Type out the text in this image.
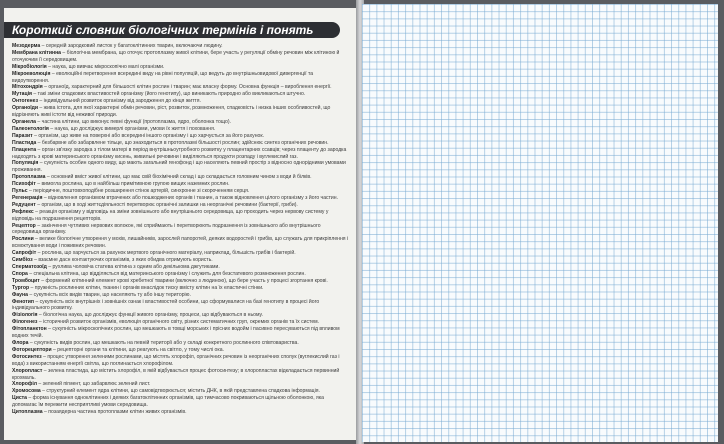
Короткий словник біологічних термінів і понять

Мезодерма – середній зародковий листок у багатоклітинних тварин, включаючи людину.

Мембрана клітинна – біологічна мембрана, що оточує протоплазму живої клітини, бере участь у регуляції обміну речовин між клітиною й оточуючим її середовищем.

Мікробіологія – наука, що вивчає мікроскопічно малі організми.

Мікроеволюція – еволюційні перетворення всередині виду на рівні популяцій, що ведуть до внутрішньовидової дивергенції та видоутворення.

Мітохондрія – органоїд, характерний для більшості клітин рослин і тварин; має власну форму. Основна функція – вироблення енергії.

Мутація – такі зміни спадкових властивостей організму (його генотипу), що виникають природно або викликаються штучно.

Онтогенез – індивідуальний розвиток організму від зародження до кінця життя.

Органоїди – жива істота, для якої характерні обмін речовин, ріст, розвиток, розмноження, спадковість і низка інших особливостей, що відрізняють живі істоти від неживої природи.

Органела – частина клітини, що виконує певні функції (протоплазма, ядро, оболонка тощо).

Палеонтологія – наука, що досліджує вимерлі організми, умови їх життя і поховання.

Паразит – організм, що живе на поверхні або всередині іншого організму і що харчується за його рахунок.

Пластида – безбарвне або забарвлене тільце, що знаходиться в протоплазмі більшості рослин; здійснює синтез органічних речовин.

Плацента – орган зв'язку зародка з тілом матері в період внутрішньоутробного розвитку у плацентарних ссавців; через плаценту до зародка надходять з крові материнського організму кисень, живильні речовини і виділяються продукти розпаду і вуглекислий газ.

Популяція – сукупність особин одного виду, що мають загальний генофонд і що населяють певний простір з відносно однорідними умовами проживання.

Протоплазма – основний вміст живої клітини, що має свій біохімічний склад і що складається головним чином з води й білків.

Психофіт – вимогла рослина, що в найбільш примітивною групою вищих наземних рослин.

Пульс – періодичне, поштовхоподібне розширення стінок артерій, синхронне зі скороченням серця.

Регенерація – відновлення організмом втрачених або пошкоджених органів і тканин, а також відновлення цілого організму з його частин.

Редуцент – організм, що в ході життєдіяльності перетворює органічні залишки на неорганічні речовини (бактерії, гриби).

Рефлекс – реакція організму у відповідь на зміни зовнішнього або внутрішнього середовища, що проходить через нервову систему у відповідь на подразнення рецепторів.

Рецептор – закінчення чутливих нервових волокон, які сприймають і перетворюють подразнення із зовнішнього або внутрішнього середовища організму.

Рослини – велике біологічне утворення у мохів, лишайників, зарослей папоротей, деяких водоростей і грибів, що служать для прикріплення і всмоктування води і поживних речовин.

Сапрофіт – рослина, що харчується за рахунок мертвого органічного матеріалу, наприклад, більшість грибів і бактерій.

Симбіоз – взаємне дасн контактуючих організмів, з яких обидва отримують користь.

Сперматозоїд – рухлива чоловіча статева клітина з одним або декількома джгутиками.

Спора – спеціальна клітина, що відділяється від материнського організму і служить для безстатевого розмноження рослин.

Тромбоцит – формений клітинний елемент крові хребетної тварини (включно з людиною), що бере участь у процесі згортання крові.

Тургор – пружність рослинних клітин, тканин і органів внаслідок тиску вмісту клітин на їх еластичні стінки.

Фауна – сукупність всіх видів тварин, що населяють ту або іншу територію.

Фенотип – сукупність всіх внутрішніх і зовнішніх ознак і властивостей особини, що сформувалися на базі генотипу в процесі його індивідуального розвитку.

Фізіологія – біологічна наука, що досліджує функції живого організму, процеси, що відбуваються в ньому.

Філогенез – історичний розвиток організмів, еволюція органічного світу, різних систематичних груп, окремих органів та їх систем.

Фітопланктон – сукупність мікроскопічних рослин, що мешкають в товщі морських і прісних водойм і пасивно пересуваються під впливом водних течій.

Флора – сукупність видів рослин, що мешкають на певній території або у складі конкретного рослинного співтовариства.

Фоторецептори – рецепторні органи та клітини, що реагують на світло, у тому числі ока.

Фотосинтез – процес утворення зеленими рослинами, що містять хлорофіл, органічних речовин із неорганічних сполук (вуглекислий газ і вода) з використанням енергії світла, що поглинається хлорофілом.

Хлоропласт – зелена пластида, що містить хлорофіл, в якій відбувається процес фотосинтезу; в хлоропластах відкладається первинний крохмаль.

Хлорофіл – зелений пігмент, що забарвлює зелений лист.

Хромосома – структурний елемент ядра клітини, що самовідтворюється; містить ДНК, в якій представлена спадкова інформація.

Циста – форма існування одноклітинних і деяких багатоклітинних організмів, що тимчасово покриваються щільною оболонкою, яка допомагає їм пережити несприятливі умови середовища.

Цитоплазма – позаядерна частина протоплазми клітин живих організмів.
